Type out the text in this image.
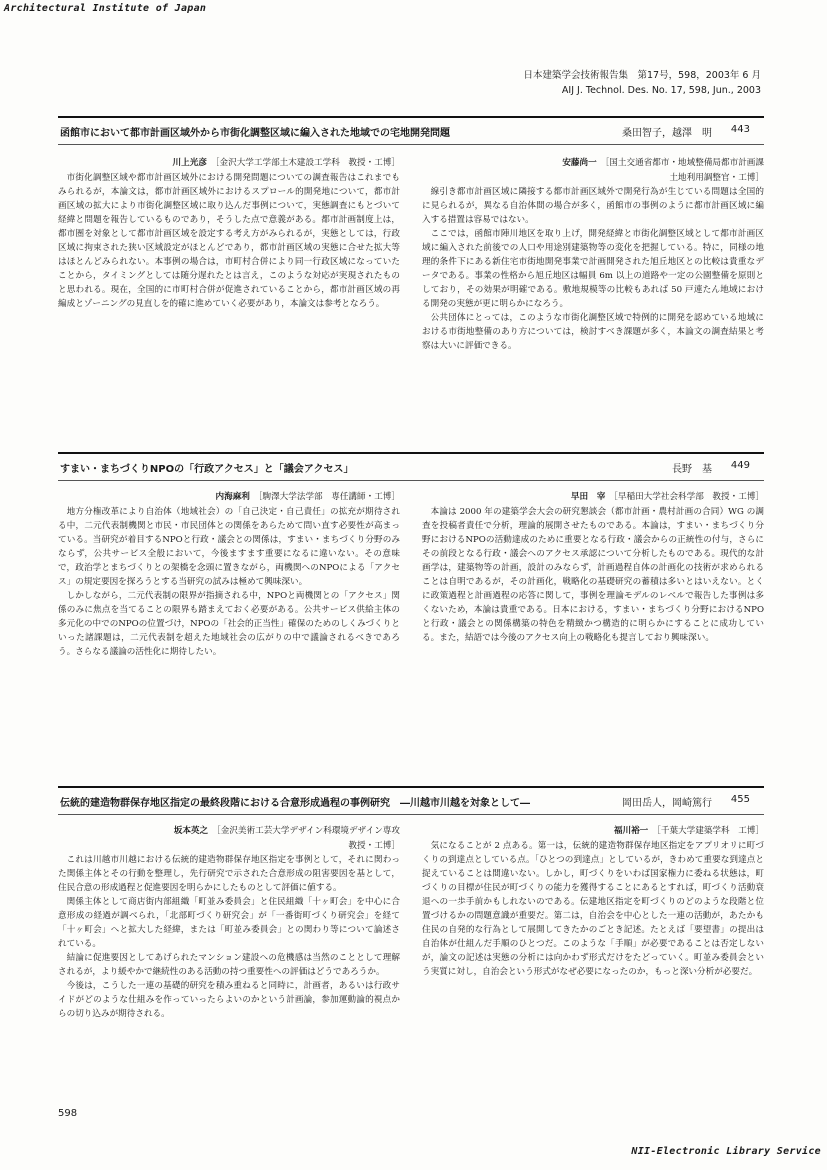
Architectural Institute of Japan
日本建築学会技術報告集　第17号，598，2003年 6 月
AIJ J. Technol. Des. No. 17, 598, Jun., 2003
函館市において都市計画区域外から市街化調整区域に編入された地域での宅地開発問題	桑田智子，越澤　明 443
川上光彦 ［金沢大学工学部土木建設工学科　教授・工博］

市街化調整区域や都市計画区域外における開発問題についての調査報告はこれまでもみられるが，本論文は，都市計画区域外におけるスプロール的開発地について，都市計画区域の拡大により市街化調整区域に取り込んだ事例について，実態調査にもとづいて経緯と問題を報告しているものであり，そうした点で意義がある。都市計画制度上は，都市圏を対象として都市計画区域を設定する考え方がみられるが，実態としては，行政区域に拘束された狭い区域設定がほとんどであり，都市計画区域の実態に合せた拡大等はほとんどみられない。本事例の場合は，市町村合併により同一行政区域になっていたことから，タイミングとしては随分遅れたとは言え，このような対応が実現されたものと思われる。現在，全国的に市町村合併が促進されていることから，都市計画区域の再編成とゾーニングの見直しを的確に進めていく必要があり，本論文は参考となろう。

安藤尚一 ［国土交通省都市・地域整備局都市計画課
土地利用調整官・工博］

線引き都市計画区域に隣接する都市計画区域外で開発行為が生じている問題は全国的に見られるが，異なる自治体間の場合が多く，函館市の事例のように都市計画区域に編入する措置は容易ではない。

ここでは，函館市陣川地区を取り上げ，開発経緯と市街化調整区域として都市計画区域に編入された前後での人口や用途別建築物等の変化を把握している。特に，同様の地理的条件下にある新住宅市街地開発事業で計画開発された旭丘地区との比較は貴重なデータである。事業の性格から旭丘地区は幅員 6m 以上の道路や一定の公園整備を原則としており，その効果が明確である。敷地規模等の比較もあれば 50 戸連たん地域における開発の実態が更に明らかになろう。

公共団体にとっては，このような市街化調整区域で特例的に開発を認めている地域における市街地整備のあり方については，検討すべき課題が多く，本論文の調査結果と考察は大いに評価できる。

すまい・まちづくりNPOの「行政アクセス」と「議会アクセス」	長野　基 449
内海麻利 ［駒澤大学法学部　専任講師・工博］

地方分権改革により自治体（地域社会）の「自己決定・自己責任」の拡充が期待される中，二元代表制機関と市民・市民団体との関係をあらためて問い直す必要性が高まっている。当研究が着目するNPOと行政・議会との関係は，すまい・まちづくり分野のみならず，公共サービス全般において，今後ますます重要になるに違いない。その意味で，政治学とまちづくりとの架橋を念頭に置きながら，両機関へのNPOによる「アクセス」の規定要因を探ろうとする当研究の試みは極めて興味深い。

しかしながら，二元代表制の限界が指摘される中，NPOと両機関との「アクセス」関係のみに焦点を当てることの限界も踏まえておく必要がある。公共サービス供給主体の多元化の中でのNPOの位置づけ，NPOの「社会的正当性」確保のためのしくみづくりといった諸課題は，二元代表制を超えた地域社会の広がりの中で議論されるべきであろう。さらなる議論の活性化に期待したい。

早田　宰 ［早稲田大学社会科学部　教授・工博］

本論は 2000 年の建築学会大会の研究懇談会（都市計画・農村計画の合同）WG の調査を投稿者責任で分析，理論的展開させたものである。本論は，すまい・まちづくり分野におけるNPOの活動達成のために重要となる行政・議会からの正統性の付与，さらにその前段となる行政・議会へのアクセス承認について分析したものである。現代的な計画学は，建築物等の計画，設計のみならず，計画過程自体の計画化の技術が求められることは自明であるが，その計画化，戦略化の基礎研究の蓄積は多いとはいえない。とくに政策過程と計画過程の応答に関して，事例を理論モデルのレベルで報告した事例は多くないため，本論は貴重である。日本における，すまい・まちづくり分野におけるNPOと行政・議会との関係構築の特色を精緻かつ構造的に明らかにすることに成功している。また，結語では今後のアクセス向上の戦略化も提言しており興味深い。

伝統的建造物群保存地区指定の最終段階における合意形成過程の事例研究　―川越市川越を対象として―	岡田岳人，岡崎篤行 455
坂本英之 ［金沢美術工芸大学デザイン科環境デザイン専攻
教授・工博］

これは川越市川越における伝統的建造物群保存地区指定を事例として，それに関わった関係主体とその行動を整理し，先行研究で示された合意形成の阻害要因を基として，住民合意の形成過程と促進要因を明らかにしたものとして評価に値する。

関係主体として商店街内部組織「町並み委員会」と住民組織「十ヶ町会」を中心に合意形成の経過が調べられ，「北部町づくり研究会」が「一番街町づくり研究会」を経て「十ヶ町会」へと拡大した経緯，または「町並み委員会」との関わり等について論述されている。

結論に促進要因としてあげられたマンション建設への危機感は当然のこととして理解されるが，より緩やかで継続性のある活動の持つ重要性への評価はどうであろうか。

今後は，こうした一連の基礎的研究を積み重ねると同時に，計画者，あるいは行政サイドがどのような仕組みを作っていったらよいのかという計画論，参加運動論的視点からの切り込みが期待される。

福川裕一 ［千葉大学建築学科　工博］

気になることが 2 点ある。第一は，伝統的建造物群保存地区指定をアプリオリに町づくりの到達点としている点。「ひとつの到達点」としているが，きわめて重要な到達点と捉えていることは間違いない。しかし，町づくりをいわば国家権力に委ねる状態は，町づくりの目標が住民が町づくりの能力を獲得することにあるとすれば，町づくり活動衰退への一歩手前かもしれないのである。伝建地区指定を町づくりのどのような段階と位置づけるかの問題意識が重要だ。第二は，自治会を中心とした一連の活動が，あたかも住民の自発的な行為として展開してきたかのごとき記述。たとえば「要望書」の提出は自治体が仕組んだ手順のひとつだ。このような「手順」が必要であることは否定しないが，論文の記述は実態の分析には向かわず形式だけをたどっていく。町並み委員会という実質に対し，自治会という形式がなぜ必要になったのか，もっと深い分析が必要だ。

598
NII-Electronic Library Service
